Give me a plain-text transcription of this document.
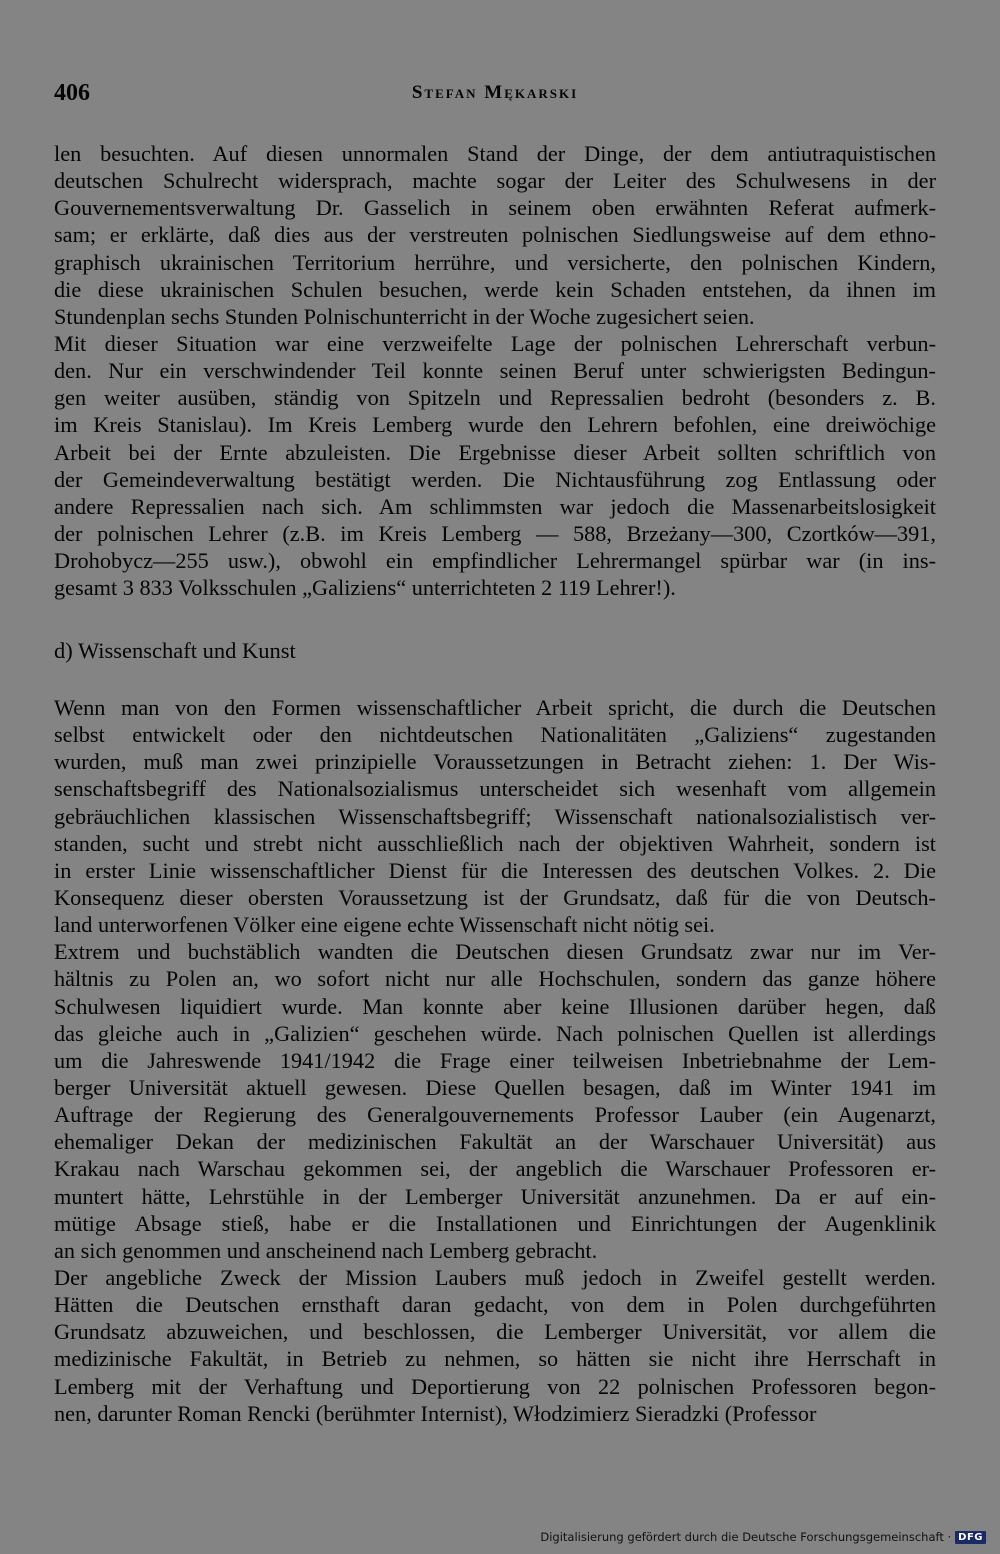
406	Stefan Mękarski
len besuchten. Auf diesen unnormalen Stand der Dinge, der dem antiutraquistischen
deutschen Schulrecht widersprach, machte sogar der Leiter des Schulwesens in der
Gouvernementsverwaltung Dr. Gasselich in seinem oben erwähnten Referat aufmerk-
sam; er erklärte, daß dies aus der verstreuten polnischen Siedlungsweise auf dem ethno-
graphisch ukrainischen Territorium herrühre, und versicherte, den polnischen Kindern,
die diese ukrainischen Schulen besuchen, werde kein Schaden entstehen, da ihnen im
Stundenplan sechs Stunden Polnischunterricht in der Woche zugesichert seien.
Mit dieser Situation war eine verzweifelte Lage der polnischen Lehrerschaft verbun-
den. Nur ein verschwindender Teil konnte seinen Beruf unter schwierigsten Bedingun-
gen weiter ausüben, ständig von Spitzeln und Repressalien bedroht (besonders z. B.
im Kreis Stanislau). Im Kreis Lemberg wurde den Lehrern befohlen, eine dreiwöchige
Arbeit bei der Ernte abzuleisten. Die Ergebnisse dieser Arbeit sollten schriftlich von
der Gemeindeverwaltung bestätigt werden. Die Nichtausführung zog Entlassung oder
andere Repressalien nach sich. Am schlimmsten war jedoch die Massenarbeitslosigkeit
der polnischen Lehrer (z.B. im Kreis Lemberg — 588, Brzeżany—300, Czortków—391,
Drohobycz—255 usw.), obwohl ein empfindlicher Lehrermangel spürbar war (in ins-
gesamt 3 833 Volksschulen „Galiziens“ unterrichteten 2 119 Lehrer!).
d) Wissenschaft und Kunst
Wenn man von den Formen wissenschaftlicher Arbeit spricht, die durch die Deutschen
selbst entwickelt oder den nichtdeutschen Nationalitäten „Galiziens“ zugestanden
wurden, muß man zwei prinzipielle Voraussetzungen in Betracht ziehen: 1. Der Wis-
senschaftsbegriff des Nationalsozialismus unterscheidet sich wesenhaft vom allgemein
gebräuchlichen klassischen Wissenschaftsbegriff; Wissenschaft nationalsozialistisch ver-
standen, sucht und strebt nicht ausschließlich nach der objektiven Wahrheit, sondern ist
in erster Linie wissenschaftlicher Dienst für die Interessen des deutschen Volkes. 2. Die
Konsequenz dieser obersten Voraussetzung ist der Grundsatz, daß für die von Deutsch-
land unterworfenen Völker eine eigene echte Wissenschaft nicht nötig sei.
Extrem und buchstäblich wandten die Deutschen diesen Grundsatz zwar nur im Ver-
hältnis zu Polen an, wo sofort nicht nur alle Hochschulen, sondern das ganze höhere
Schulwesen liquidiert wurde. Man konnte aber keine Illusionen darüber hegen, daß
das gleiche auch in „Galizien“ geschehen würde. Nach polnischen Quellen ist allerdings
um die Jahreswende 1941/1942 die Frage einer teilweisen Inbetriebnahme der Lem-
berger Universität aktuell gewesen. Diese Quellen besagen, daß im Winter 1941 im
Auftrage der Regierung des Generalgouvernements Professor Lauber (ein Augenarzt,
ehemaliger Dekan der medizinischen Fakultät an der Warschauer Universität) aus
Krakau nach Warschau gekommen sei, der angeblich die Warschauer Professoren er-
muntert hätte, Lehrstühle in der Lemberger Universität anzunehmen. Da er auf ein-
mütige Absage stieß, habe er die Installationen und Einrichtungen der Augenklinik
an sich genommen und anscheinend nach Lemberg gebracht.
Der angebliche Zweck der Mission Laubers muß jedoch in Zweifel gestellt werden.
Hätten die Deutschen ernsthaft daran gedacht, von dem in Polen durchgeführten
Grundsatz abzuweichen, und beschlossen, die Lemberger Universität, vor allem die
medizinische Fakultät, in Betrieb zu nehmen, so hätten sie nicht ihre Herrschaft in
Lemberg mit der Verhaftung und Deportierung von 22 polnischen Professoren begon-
nen, darunter Roman Rencki (berühmter Internist), Włodzimierz Sieradzki (Professor
Digitalisierung gefördert durch die Deutsche Forschungsgemeinschaft · DFG
